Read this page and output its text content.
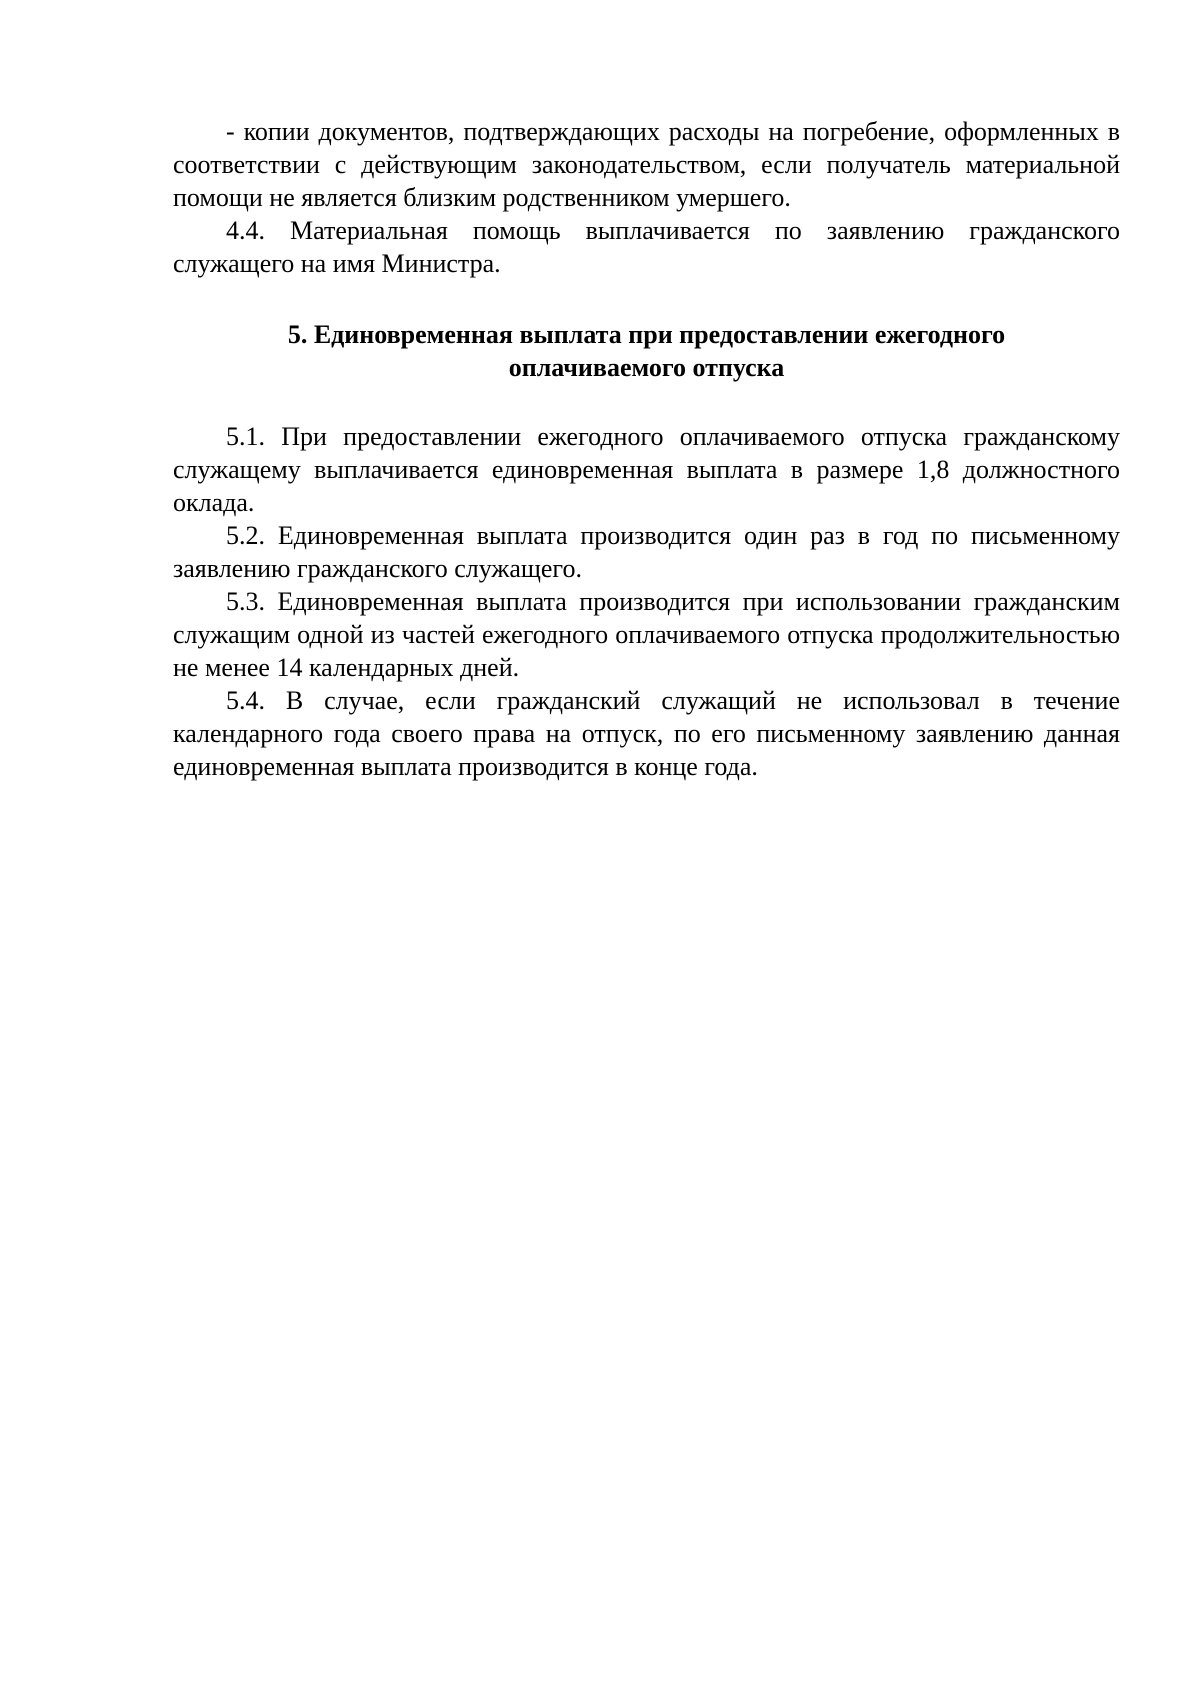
- копии документов, подтверждающих расходы на погребение, оформленных в соответствии с действующим законодательством, если получатель материальной помощи не является близким родственником умершего.

4.4. Материальная помощь выплачивается по заявлению гражданского служащего на имя Министра.

5. Единовременная выплата при предоставлении ежегодного оплачиваемого отпуска

5.1. При предоставлении ежегодного оплачиваемого отпуска гражданскому служащему выплачивается единовременная выплата в размере 1,8 должностного оклада.

5.2. Единовременная выплата производится один раз в год по письменному заявлению гражданского служащего.

5.3. Единовременная выплата производится при использовании гражданским служащим одной из частей ежегодного оплачиваемого отпуска продолжительностью не менее 14 календарных дней.

5.4. В случае, если гражданский служащий не использовал в течение календарного года своего права на отпуск, по его письменному заявлению данная единовременная выплата производится в конце года.
